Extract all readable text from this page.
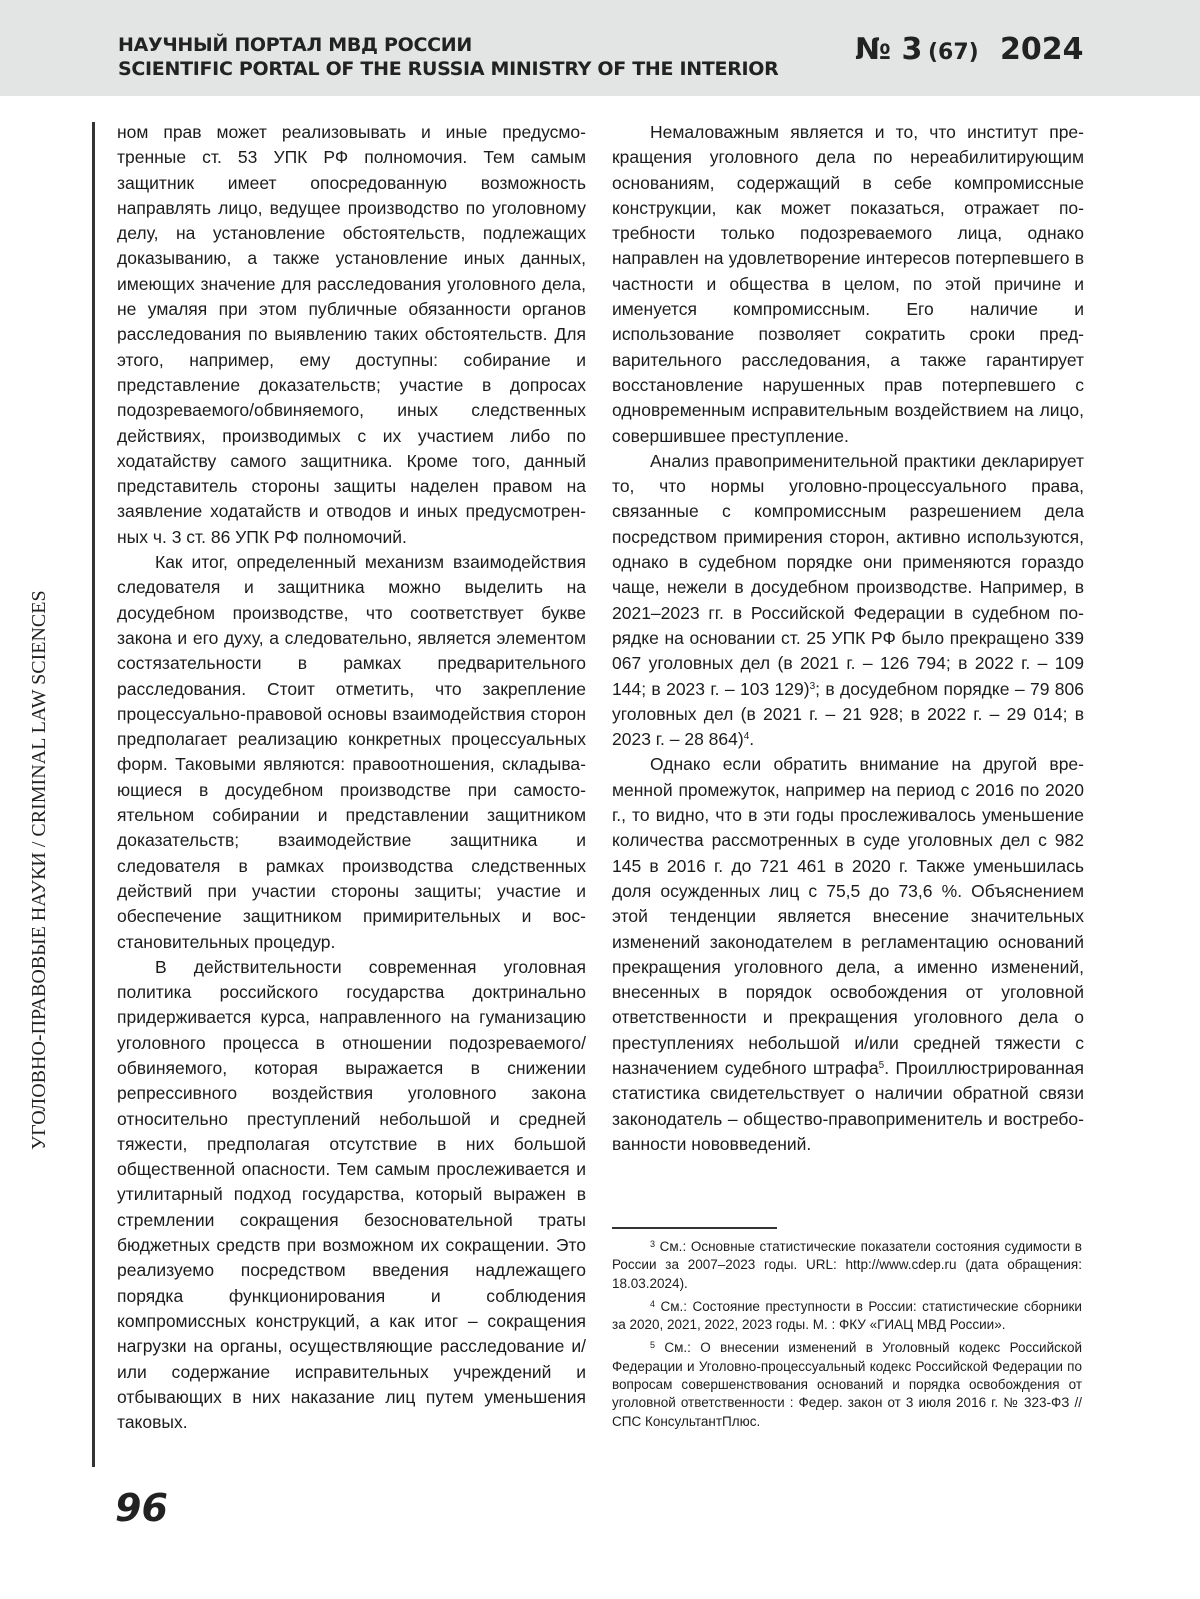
НАУЧНЫЙ ПОРТАЛ МВД РОССИИ

SCIENTIFIC PORTAL OF THE RUSSIA MINISTRY OF THE INTERIOR

№ 3 (67) 2024

УГОЛОВНО-ПРАВОВЫЕ НАУКИ / CRIMINAL LAW SCIENCES

ном прав может реализовывать и иные предусмотренные ст. 53 УПК РФ полномочия. Тем самым защитник имеет опосредованную возможность направлять лицо, ведущее производство по уголовному делу, на установление обстоятельств, подлежащих доказыванию, а также установление иных данных, имеющих значение для расследования уголовного дела, не умаляя при этом публичные обязанности органов расследования по выявлению таких обстоятельств. Для этого, например, ему доступны: собирание и представление доказательств; участие в допросах подозреваемого/обвиняемого, иных следственных действиях, производимых с их участием либо по ходатайству самого защитника. Кроме того, данный представитель стороны защиты наделен правом на заявление ходатайств и отводов и иных предусмотренных ч. 3 ст. 86 УПК РФ полномочий.

Как итог, определенный механизм взаимодействия следователя и защитника можно выделить на досудебном производстве, что соответствует букве закона и его духу, а следовательно, является элементом состязательности в рамках предварительного расследования. Стоит отметить, что закрепление процессуально-правовой основы взаимодействия сторон предполагает реализацию конкретных процессуальных форм. Таковыми являются: правоотношения, складывающиеся в досудебном производстве при самостоятельном собирании и представлении защитником доказательств; взаимодействие защитника и следователя в рамках производства следственных действий при участии стороны защиты; участие и обеспечение защитником примирительных и восстановительных процедур.

В действительности современная уголовная политика российского государства доктринально придерживается курса, направленного на гуманизацию уголовного процесса в отношении подозреваемого/обвиняемого, которая выражается в снижении репрессивного воздействия уголовного закона относительно преступлений небольшой и средней тяжести, предполагая отсутствие в них большой общественной опасности. Тем самым прослеживается и утилитарный подход государства, который выражен в стремлении сокращения безосновательной траты бюджетных средств при возможном их сокращении. Это реализуемо посредством введения надлежащего порядка функционирования и соблюдения компромиссных конструкций, а как итог – сокращения нагрузки на органы, осуществляющие расследование и/или содержание исправительных учреждений и отбывающих в них наказание лиц путем уменьшения таковых.

Немаловажным является и то, что институт прекращения уголовного дела по нереабилитирующим основаниям, содержащий в себе компромиссные конструкции, как может показаться, отражает потребности только подозреваемого лица, однако направлен на удовлетворение интересов потерпевшего в частности и общества в целом, по этой причине и именуется компромиссным. Его наличие и использование позволяет сократить сроки предварительного расследования, а также гарантирует восстановление нарушенных прав потерпевшего с одновременным исправительным воздействием на лицо, совершившее преступление.

Анализ правоприменительной практики декларирует то, что нормы уголовно-процессуального права, связанные с компромиссным разрешением дела посредством примирения сторон, активно используются, однако в судебном порядке они применяются гораздо чаще, нежели в досудебном производстве. Например, в 2021–2023 гг. в Российской Федерации в судебном порядке на основании ст. 25 УПК РФ было прекращено 339 067 уголовных дел (в 2021 г. – 126 794; в 2022 г. – 109 144; в 2023 г. – 103 129)$^3$; в досудебном порядке – 79 806 уголовных дел (в 2021 г. – 21 928; в 2022 г. – 29 014; в 2023 г. – 28 864)$^4$.

Однако если обратить внимание на другой временной промежуток, например на период с 2016 по 2020 г., то видно, что в эти годы прослеживалось уменьшение количества рассмотренных в суде уголовных дел с 982 145 в 2016 г. до 721 461 в 2020 г. Также уменьшилась доля осужденных лиц с 75,5 до 73,6 %. Объяснением этой тенденции является внесение значительных изменений законодателем в регламентацию оснований прекращения уголовного дела, а именно изменений, внесенных в порядок освобождения от уголовной ответственности и прекращения уголовного дела о преступлениях небольшой и/или средней тяжести с назначением судебного штрафа$^5$. Проиллюстрированная статистика свидетельствует о наличии обратной связи законодатель – общество-правоприменитель и востребованности нововведений.

$^3$ См.: Основные статистические показатели состояния судимости в России за 2007–2023 годы. URL: http://www.cdep.ru (дата обращения: 18.03.2024).

$^4$ См.: Состояние преступности в России: статистические сборники за 2020, 2021, 2022, 2023 годы. М. : ФКУ «ГИАЦ МВД России».

$^5$ См.: О внесении изменений в Уголовный кодекс Российской Федерации и Уголовно-процессуальный кодекс Российской Федерации по вопросам совершенствования оснований и порядка освобождения от уголовной ответственности : Федер. закон от 3 июля 2016 г. № 323-ФЗ // СПС КонсультантПлюс.

96
